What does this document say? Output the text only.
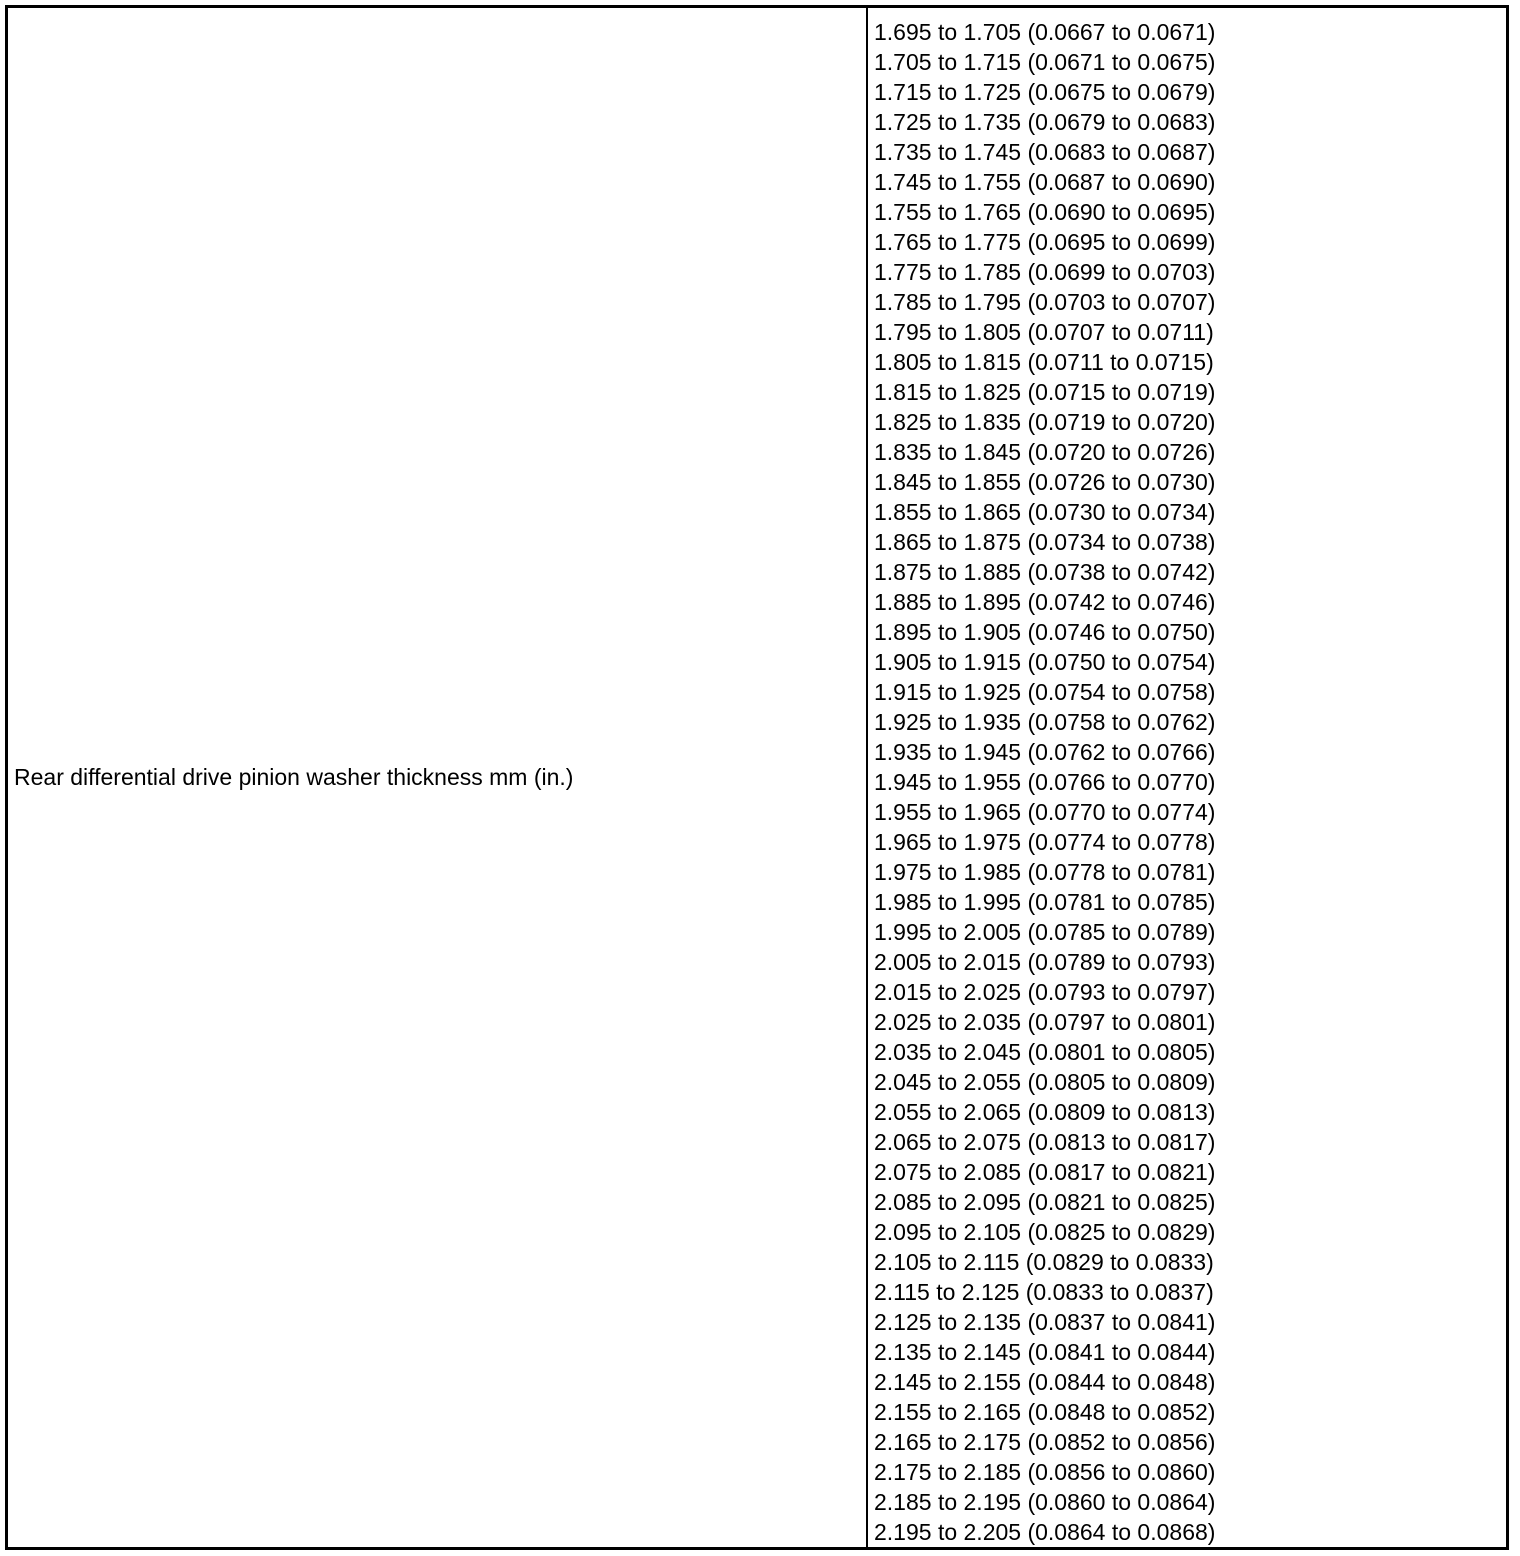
Rear differential drive pinion washer thickness mm (in.)
1.695 to 1.705 (0.0667 to 0.0671)
1.705 to 1.715 (0.0671 to 0.0675)
1.715 to 1.725 (0.0675 to 0.0679)
1.725 to 1.735 (0.0679 to 0.0683)
1.735 to 1.745 (0.0683 to 0.0687)
1.745 to 1.755 (0.0687 to 0.0690)
1.755 to 1.765 (0.0690 to 0.0695)
1.765 to 1.775 (0.0695 to 0.0699)
1.775 to 1.785 (0.0699 to 0.0703)
1.785 to 1.795 (0.0703 to 0.0707)
1.795 to 1.805 (0.0707 to 0.0711)
1.805 to 1.815 (0.0711 to 0.0715)
1.815 to 1.825 (0.0715 to 0.0719)
1.825 to 1.835 (0.0719 to 0.0720)
1.835 to 1.845 (0.0720 to 0.0726)
1.845 to 1.855 (0.0726 to 0.0730)
1.855 to 1.865 (0.0730 to 0.0734)
1.865 to 1.875 (0.0734 to 0.0738)
1.875 to 1.885 (0.0738 to 0.0742)
1.885 to 1.895 (0.0742 to 0.0746)
1.895 to 1.905 (0.0746 to 0.0750)
1.905 to 1.915 (0.0750 to 0.0754)
1.915 to 1.925 (0.0754 to 0.0758)
1.925 to 1.935 (0.0758 to 0.0762)
1.935 to 1.945 (0.0762 to 0.0766)
1.945 to 1.955 (0.0766 to 0.0770)
1.955 to 1.965 (0.0770 to 0.0774)
1.965 to 1.975 (0.0774 to 0.0778)
1.975 to 1.985 (0.0778 to 0.0781)
1.985 to 1.995 (0.0781 to 0.0785)
1.995 to 2.005 (0.0785 to 0.0789)
2.005 to 2.015 (0.0789 to 0.0793)
2.015 to 2.025 (0.0793 to 0.0797)
2.025 to 2.035 (0.0797 to 0.0801)
2.035 to 2.045 (0.0801 to 0.0805)
2.045 to 2.055 (0.0805 to 0.0809)
2.055 to 2.065 (0.0809 to 0.0813)
2.065 to 2.075 (0.0813 to 0.0817)
2.075 to 2.085 (0.0817 to 0.0821)
2.085 to 2.095 (0.0821 to 0.0825)
2.095 to 2.105 (0.0825 to 0.0829)
2.105 to 2.115 (0.0829 to 0.0833)
2.115 to 2.125 (0.0833 to 0.0837)
2.125 to 2.135 (0.0837 to 0.0841)
2.135 to 2.145 (0.0841 to 0.0844)
2.145 to 2.155 (0.0844 to 0.0848)
2.155 to 2.165 (0.0848 to 0.0852)
2.165 to 2.175 (0.0852 to 0.0856)
2.175 to 2.185 (0.0856 to 0.0860)
2.185 to 2.195 (0.0860 to 0.0864)
2.195 to 2.205 (0.0864 to 0.0868)
